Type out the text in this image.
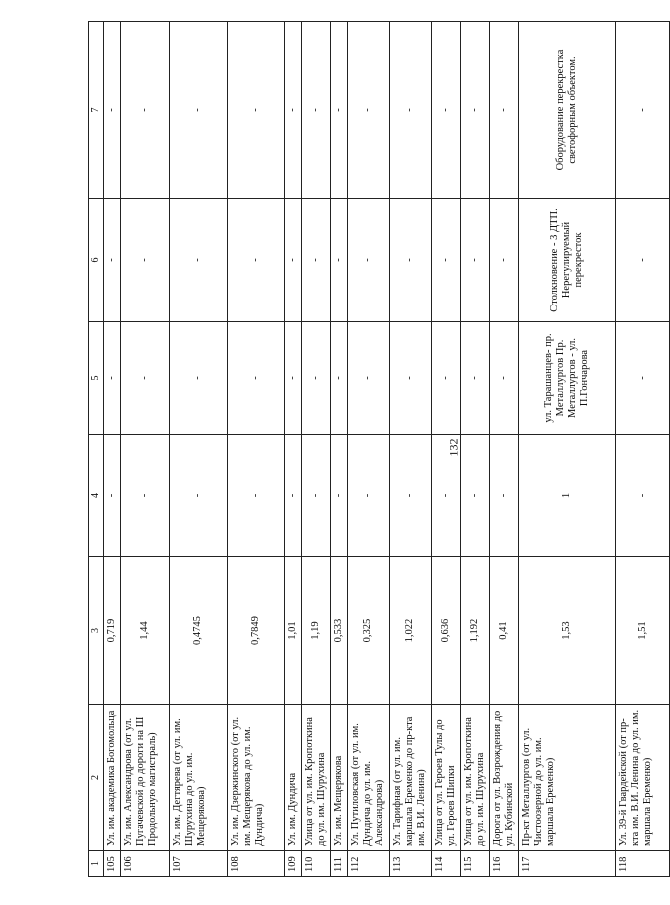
132
1	2	3	4	5	6	7
105	Ул. им. академика Богомольца	0,719	-	-	-	-
106	Ул. им. Александрова (от ул. Пугачевской до дороги на Ш Продольную магистраль)	1,44	-	-	-	-
107	Ул. им. Дегтярева (от ул. им. Шурухина до ул. им. Мещерякова)	0,4745	-	-	-	-
108	Ул. им. Дзержинского (от ул. им. Мещерякова до ул. им. Дундича)	0,7849	-	-	-	-
109	Ул. им. Дундича	1,01	-	-	-	-
110	Улица от ул. им. Кропоткина до ул. им. Шурухина	1,19	-	-	-	-
111	Ул. им. Мещерякова	0,533	-	-	-	-
112	Ул. Путиловская (от ул. им. Дундича до ул. им. Александрова)	0,325	-	-	-	-
113	Ул. Тарифная (от ул. им. маршала Еременко до пр-кта им. В.И. Ленина)	1,022	-	-	-	-
114	Улица от ул. Героев Тулы до ул. Героев Шипки	0,636	-	-	-	-
115	Улица от ул. им. Кропоткина до ул. им. Шурухина	1,192	-	-	-	-
116	Дорога от ул. Возрождения до ул. Кубинской	0,41	-	-	-	-
117	Пр-кт Металлургов (от ул. Чистоозерной до ул. им. маршала Еременко)	1,53	1	ул. Тарашанцев- пр. Металлургов Пр. Металлургов - ул. П.Гончарова	Столкновение - 3 ДТП. Нерегулируемый перекресток	Оборудование перекрестка светофорным объектом.
118	Ул. 39-й Гвардейской (от пр-кта им. В.И. Ленина до ул. им. маршала Еременко)	1,51	-	-	-	-
